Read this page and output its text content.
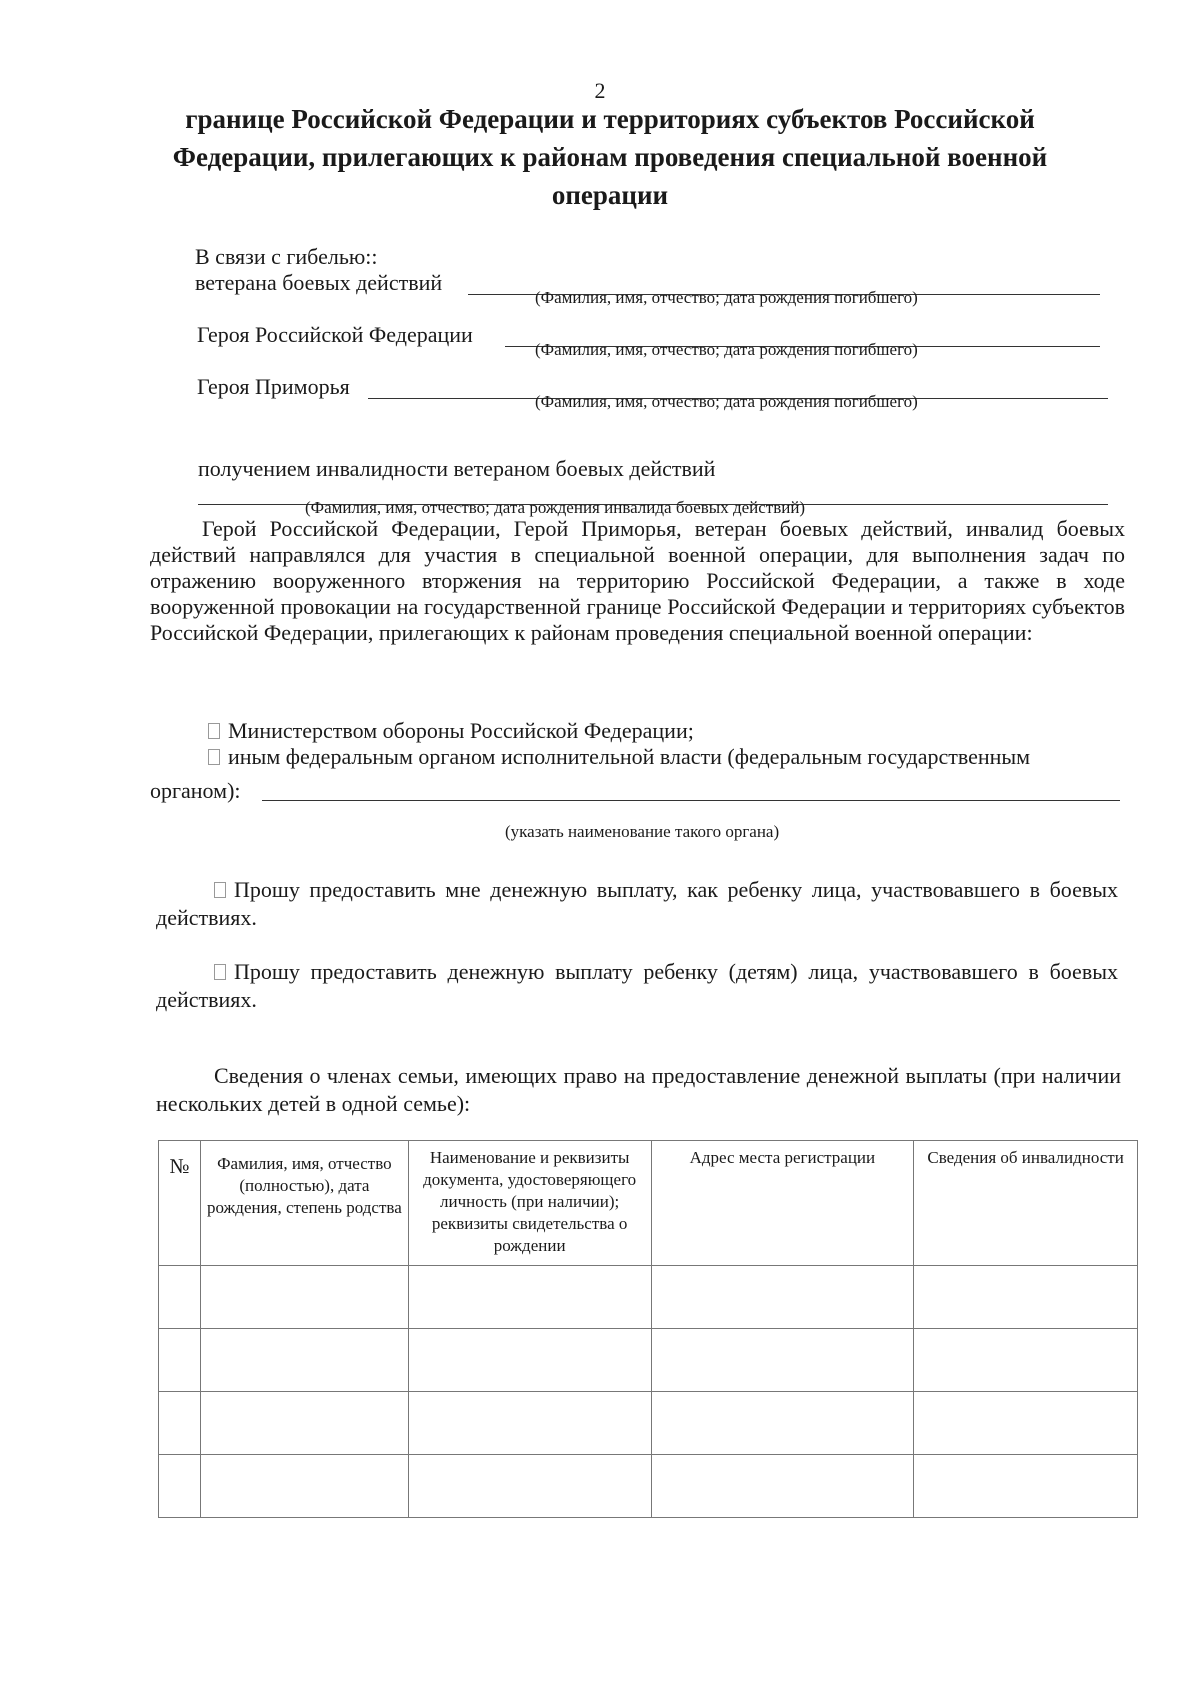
2
границе Российской Федерации и территориях субъектов Российской Федерации, прилегающих к районам проведения специальной военной операции
В связи с гибелью::
ветерана боевых действий
(Фамилия, имя, отчество; дата рождения погибшего)
Героя Российской Федерации
(Фамилия, имя, отчество; дата рождения погибшего)
Героя Приморья
(Фамилия, имя, отчество; дата рождения погибшего)
получением инвалидности ветераном боевых действий
(Фамилия, имя, отчество; дата рождения инвалида боевых действий)
Герой Российской Федерации, Герой Приморья, ветеран боевых действий, инвалид боевых действий направлялся для участия в специальной военной операции, для выполнения задач по отражению вооруженного вторжения на территорию Российской Федерации, а также в ходе вооруженной провокации на государственной границе Российской Федерации и территориях субъектов Российской Федерации, прилегающих к районам проведения специальной военной операции:
Министерством обороны Российской Федерации;
иным федеральным органом исполнительной власти (федеральным государственным
органом):
(указать наименование такого органа)
Прошу предоставить мне денежную выплату, как ребенку лица, участвовавшего в боевых действиях.
Прошу предоставить денежную выплату ребенку (детям) лица, участвовавшего в боевых действиях.
Сведения о членах семьи, имеющих право на предоставление денежной выплаты (при наличии нескольких детей в одной семье):
№	Фамилия, имя, отчество (полностью), дата рождения, степень родства	Наименование и реквизиты документа, удостоверяющего личность (при наличии); реквизиты свидетельства о рождении	Адрес места регистрации	Сведения об инвалидности
